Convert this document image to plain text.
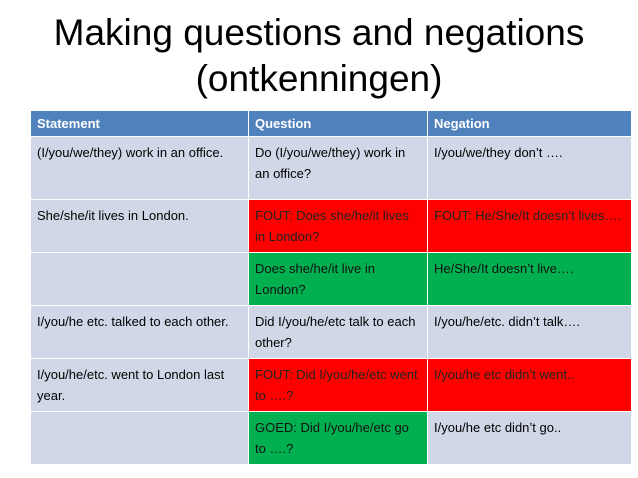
Making questions and negations
(ontkenningen)
Statement	Question	Negation
(I/you/we/they) work in an office.	Do (I/you/we/they) work in an office?	I/you/we/they don’t ….
She/she/it lives in London.	FOUT: Does she/he/it lives in London?	FOUT: He/She/It doesn’t lives….
	Does she/he/it live in London?	He/She/It doesn’t live….
I/you/he etc. talked to each other.	Did I/you/he/etc talk to each other?	I/you/he/etc. didn’t talk….
I/you/he/etc. went to London last year.	FOUT: Did I/you/he/etc went to ….?	I/you/he etc didn’t went..
	GOED: Did I/you/he/etc go to ….?	I/you/he etc didn’t go..
